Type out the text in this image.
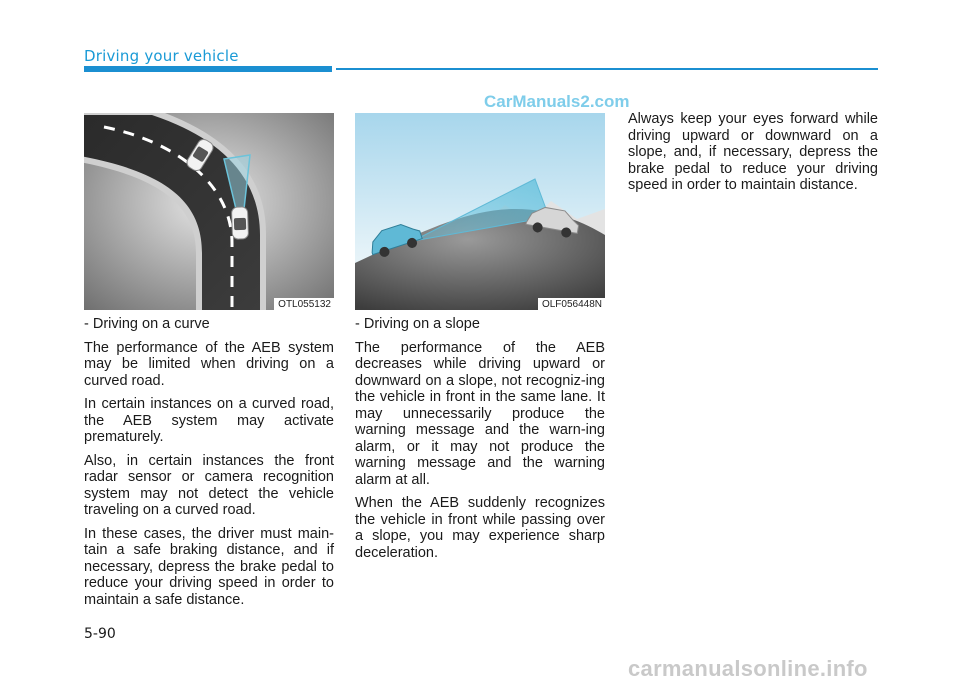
Driving your vehicle
CarManuals2.com
OTL055132	OLF056448N

- Driving on a curve

The performance of the AEB system may be limited when driving on a curved road.

In certain instances on a curved road, the AEB system may activate prematurely.

Also, in certain instances the front radar sensor or camera recognition system may not detect the vehicle traveling on a curved road.

In these cases, the driver must main-tain a safe braking distance, and if necessary, depress the brake pedal to reduce your driving speed in order to maintain a safe distance.

- Driving on a slope

The performance of the AEB decreases while driving upward or downward on a slope, not recogniz-ing the vehicle in front in the same lane. It may unnecessarily produce the warning message and the warn-ing alarm, or it may not produce the warning message and the warning alarm at all.

When the AEB suddenly recognizes the vehicle in front while passing over a slope, you may experience sharp deceleration.

Always keep your eyes forward while driving upward or downward on a slope, and, if necessary, depress the brake pedal to reduce your driving speed in order to maintain distance.

5-90
carmanualsonline.info
